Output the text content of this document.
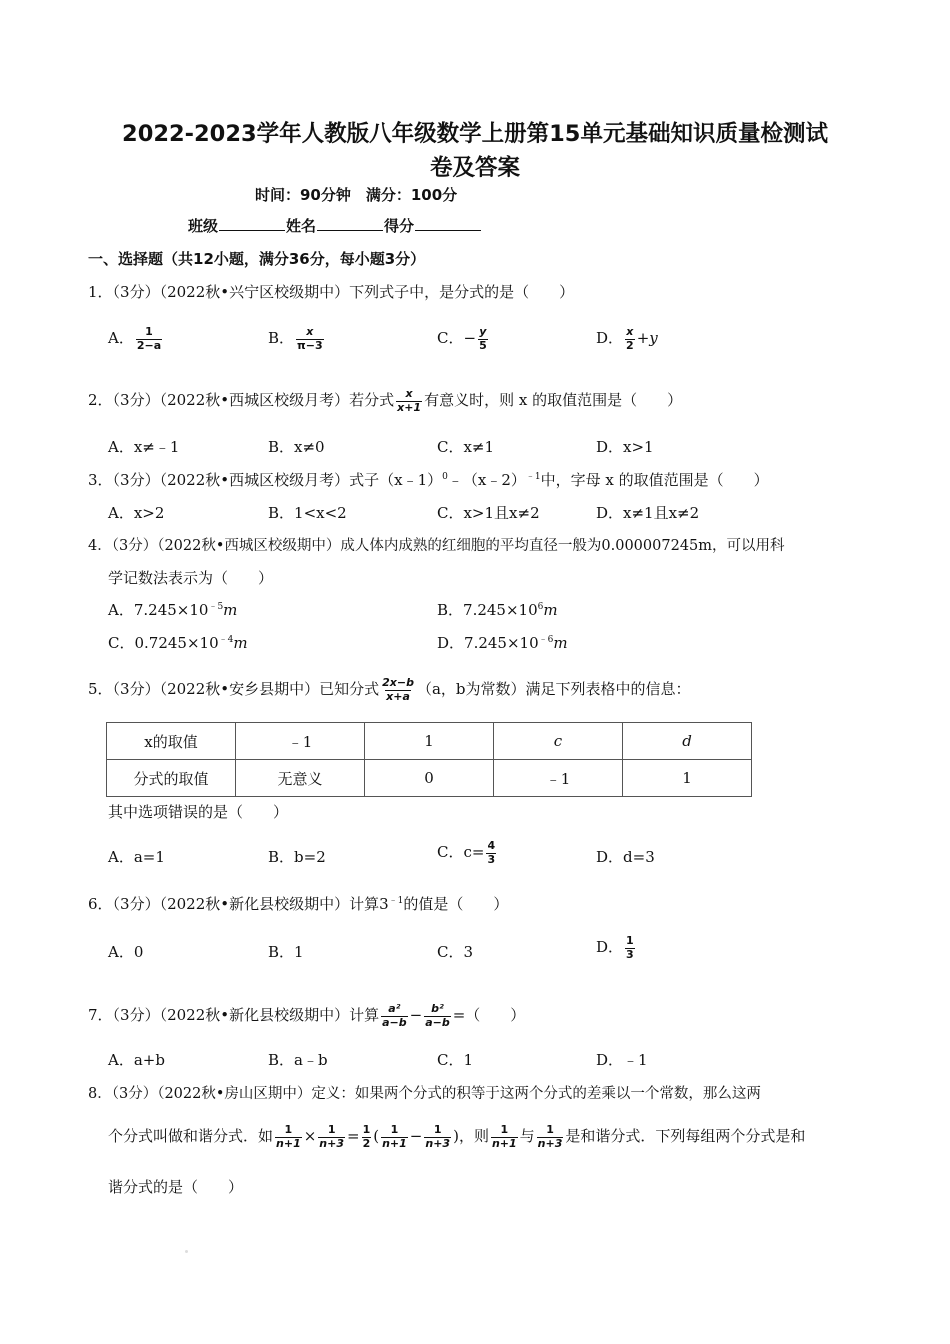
2022-2023学年人教版八年级数学上册第15单元基础知识质量检测试
卷及答案
时间：90分钟　满分：100分
班级	姓名	得分
一、选择题（共12小题，满分36分，每小题3分）
1．（3分）（2022秋•兴宁区校级期中）下列式子中，是分式的是（　　）
A． $\frac{1}{2-a}$	B． $\frac{x}{\pi-3}$	C．− $\frac{y}{5}$	D． $\frac{x}{2} +y$
2．（3分）（2022秋•西城区校级月考）若分式 $\frac{x}{x+1}$ 有意义时，则 x 的取值范围是（　　）
A．x≠﹣1	B．x≠0	C．x≠1	D．x>1
3．（3分）（2022秋•西城区校级月考）式子（x﹣1）$^0$﹣（x﹣2）$^{﹣1}$中，字母 x 的取值范围是（　　）
A．x>2	B．1<x<2	C．x>1且x≠2	D．x≠1且x≠2
4．（3分）（2022秋•西城区校级期中）成人体内成熟的红细胞的平均直径一般为0.000007245m，可以用科
学记数法表示为（　　）
A．$7.245\times 10^{﹣5}m$	B．$7.245\times 10^6m$
C．$0.7245\times 10^{﹣4}m$	D．$7.245\times 10^{﹣6}m$
5．（3分）（2022秋•安乡县期中）已知分式 $\frac{2x-b}{x+a} (a$，b为常数）满足下列表格中的信息：
x的取值	﹣1	1	c	d
分式的取值	无意义	0	﹣1	1
其中选项错误的是（　　）
A．a=1	B．b=2	C．$c= \frac{4}{3}$	D．d=3
6．（3分）（2022秋•新化县校级期中）计算$3^{﹣1}$的值是（　　）
A．0	B．1	C．3	D． $\frac{1}{3}$
7．（3分）（2022秋•新化县校级期中）计算 $\frac{\text{a²}}{a-b} - \frac{\text{b²}}{a-b}$ =（　　）
A．a+b	B．a﹣b	C．1	D．﹣1
8．（3分）（2022秋•房山区期中）定义：如果两个分式的积等于这两个分式的差乘以一个常数，那么这两
个分式叫做和谐分式．如 $\frac{1}{n+1} \times \frac{1}{n+3} = \frac{1}{2}$ ( $\frac{1}{n+1} - \frac{1}{n+3}$ )，则 $\frac{1}{n+1}$ 与 $\frac{1}{n+3}$ 是和谐分式．下列每组两个分式是和
谐分式的是（　　）
